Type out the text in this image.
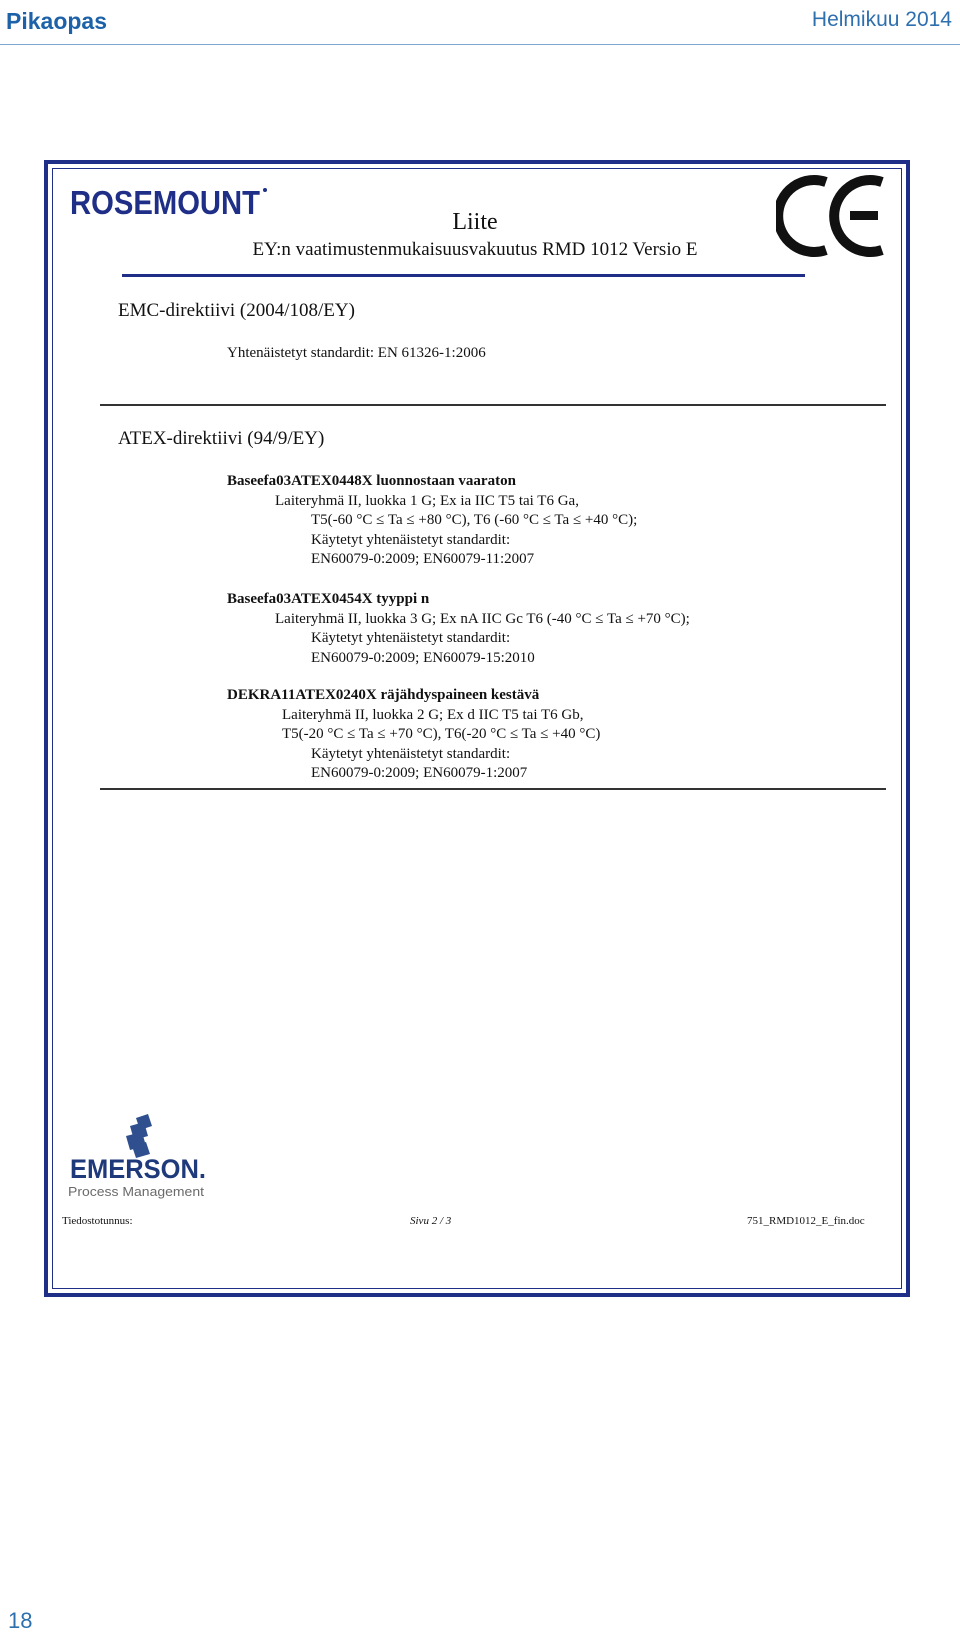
Pikaopas	Helmikuu 2014
ROSEMOUNT
Liite
EY:n vaatimustenmukaisuusvakuutus RMD 1012 Versio E
EMC-direktiivi (2004/108/EY)
Yhtenäistetyt standardit: EN 61326-1:2006
ATEX-direktiivi (94/9/EY)
Baseefa03ATEX0448X luonnostaan vaaraton
Laiteryhmä II, luokka 1 G; Ex ia IIC T5 tai T6 Ga,
T5(-60 °C ≤ Ta ≤ +80 °C), T6 (-60 °C ≤ Ta ≤ +40 °C);
Käytetyt yhtenäistetyt standardit:
EN60079-0:2009; EN60079-11:2007
Baseefa03ATEX0454X tyyppi n
Laiteryhmä II, luokka 3 G; Ex nA IIC Gc T6 (-40 °C ≤ Ta ≤ +70 °C);
Käytetyt yhtenäistetyt standardit:
EN60079-0:2009; EN60079-15:2010
DEKRA11ATEX0240X räjähdyspaineen kestävä
Laiteryhmä II, luokka 2 G; Ex d IIC T5 tai T6 Gb,
T5(-20 °C ≤ Ta ≤ +70 °C), T6(-20 °C ≤ Ta ≤ +40 °C)
Käytetyt yhtenäistetyt standardit:
EN60079-0:2009; EN60079-1:2007
EMERSON.
Process Management
Tiedostotunnus:	Sivu 2 / 3	751_RMD1012_E_fin.doc
18
